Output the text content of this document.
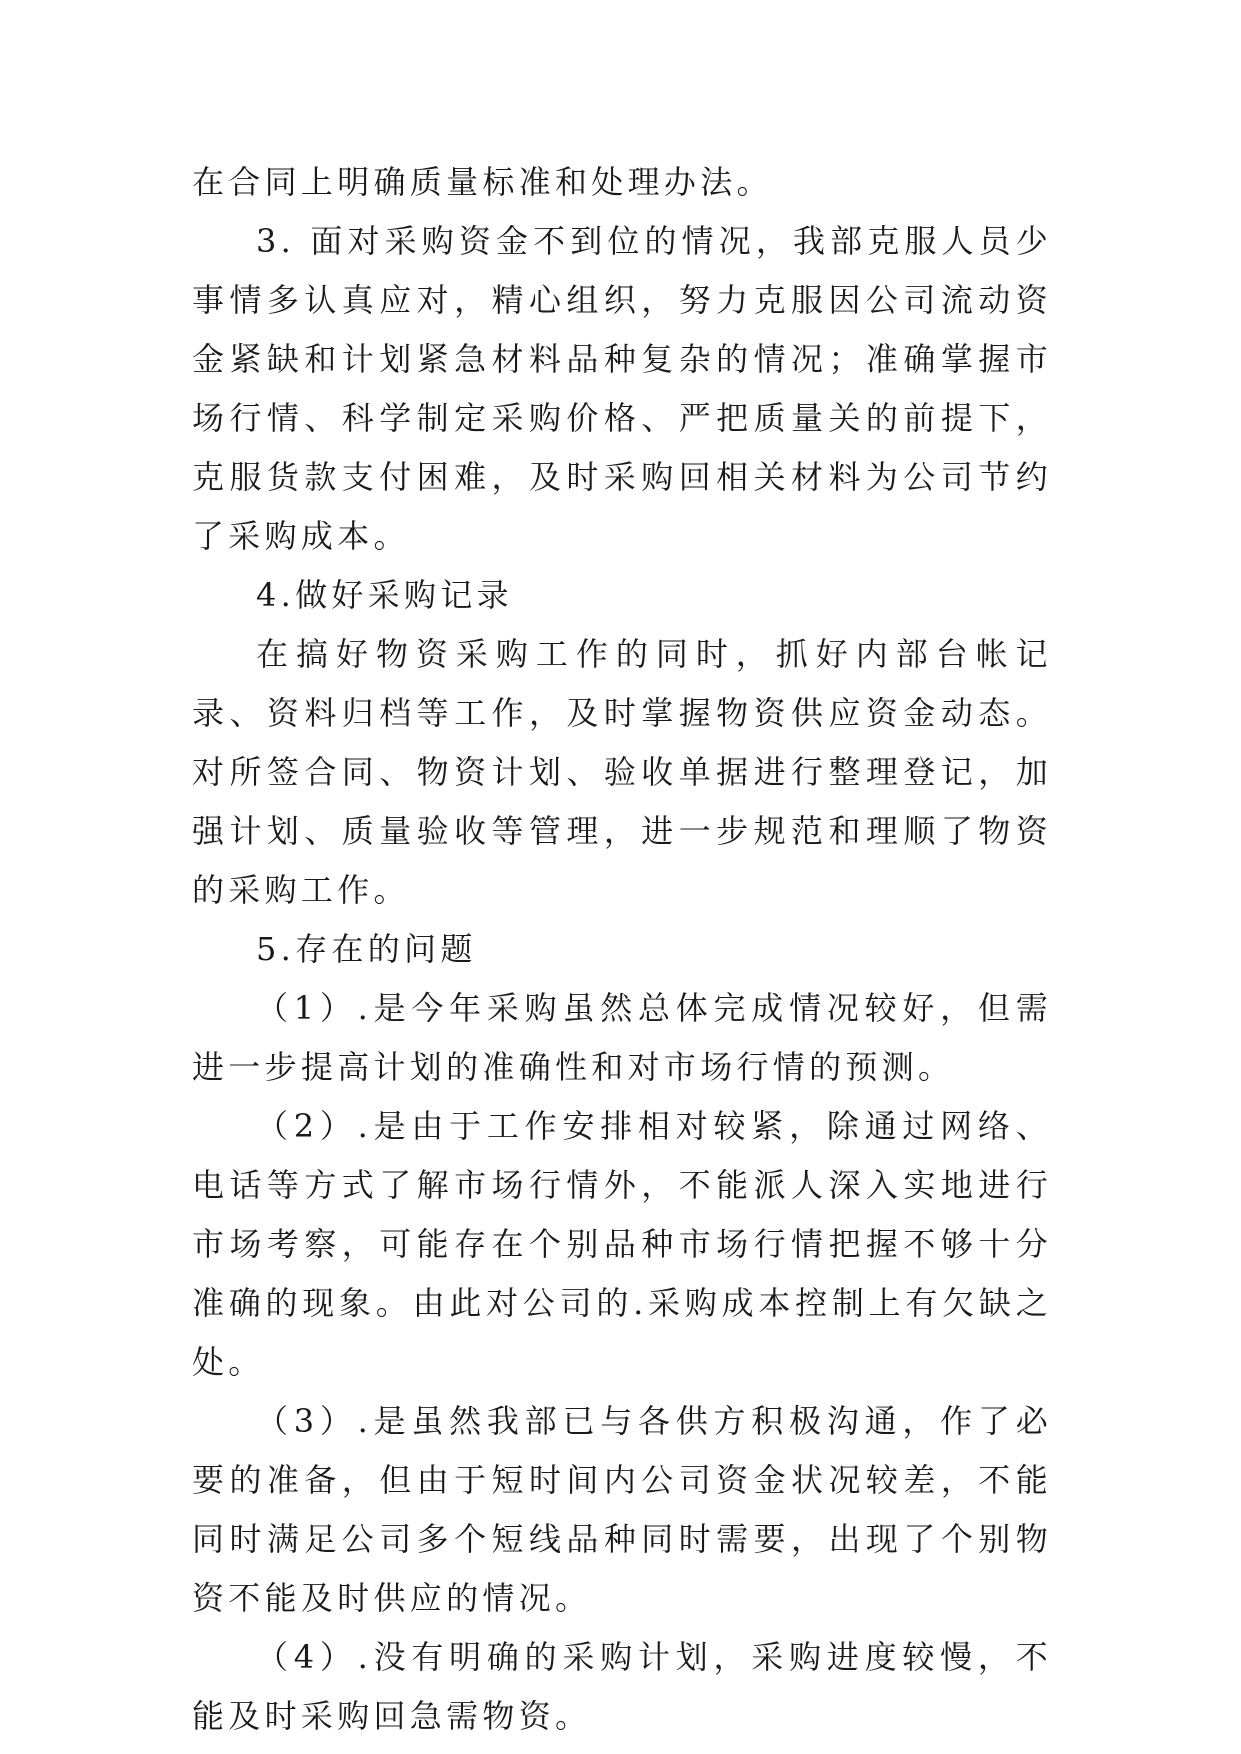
在合同上明确质量标准和处理办法。

3. 面对采购资金不到位的情况，我部克服人员少事情多认真应对，精心组织，努力克服因公司流动资金紧缺和计划紧急材料品种复杂的情况；准确掌握市场行情、科学制定采购价格、严把质量关的前提下，克服货款支付困难，及时采购回相关材料为公司节约了采购成本。

4.做好采购记录

在搞好物资采购工作的同时，抓好内部台帐记录、资料归档等工作，及时掌握物资供应资金动态。对所签合同、物资计划、验收单据进行整理登记，加强计划、质量验收等管理，进一步规范和理顺了物资的采购工作。

5.存在的问题

（1）.是今年采购虽然总体完成情况较好，但需进一步提高计划的准确性和对市场行情的预测。

（2）.是由于工作安排相对较紧，除通过网络、电话等方式了解市场行情外，不能派人深入实地进行市场考察，可能存在个别品种市场行情把握不够十分准确的现象。由此对公司的.采购成本控制上有欠缺之处。

（3）.是虽然我部已与各供方积极沟通，作了必要的准备，但由于短时间内公司资金状况较差，不能同时满足公司多个短线品种同时需要，出现了个别物资不能及时供应的情况。

（4）.没有明确的采购计划，采购进度较慢，不能及时采购回急需物资。
